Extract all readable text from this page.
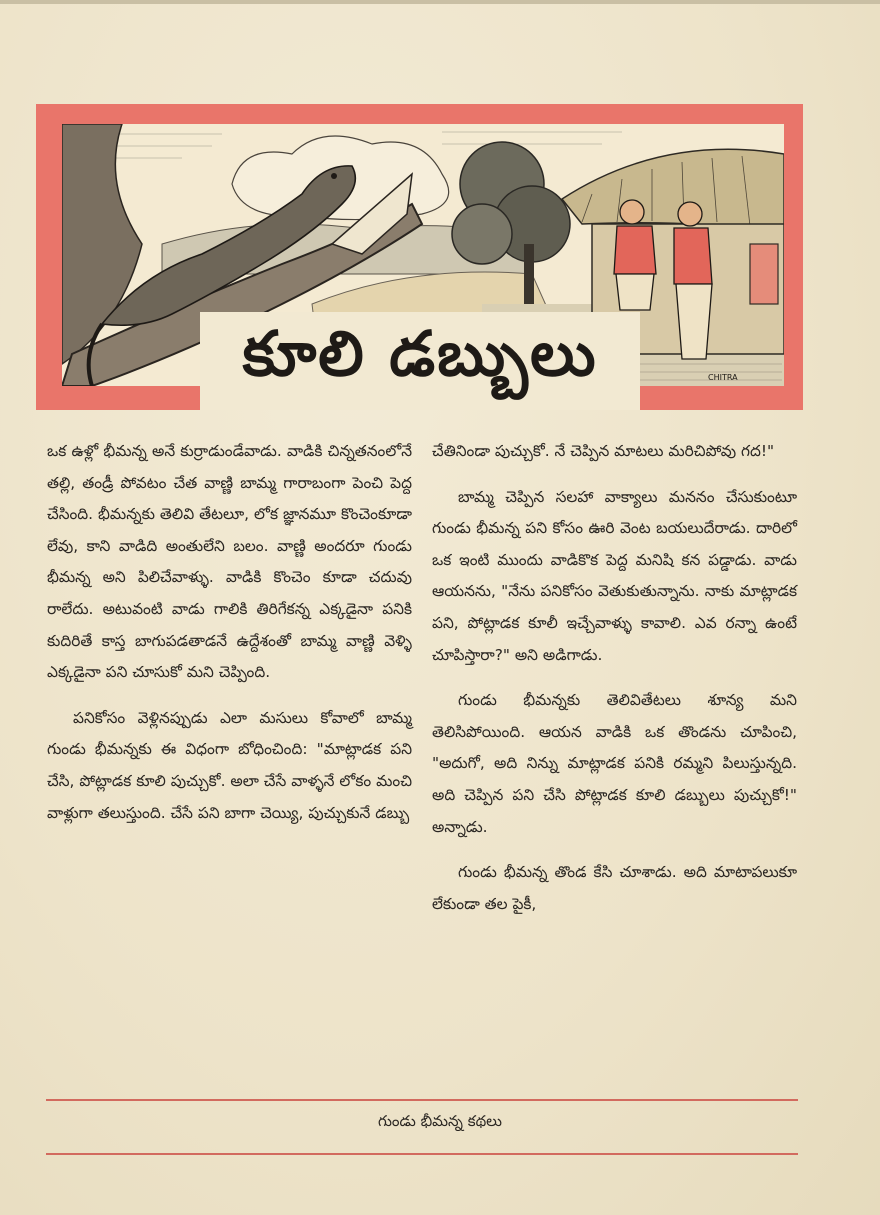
CHITRA
కూలి డబ్బులు

ఒక ఉళ్లో భీమన్న అనే కుర్రాడుండేవాడు. వాడికి చిన్నతనంలోనే తల్లి, తండ్రీ పోవటం చేత వాణ్ణి బామ్మ గారాబంగా పెంచి పెద్ద చేసింది. భీమన్నకు తెలివి తేటలూ, లోక జ్ఞానమూ కొంచెంకూడా లేవు, కాని వాడిది అంతులేని బలం. వాణ్ణి అందరూ గుండు భీమన్న అని పిలిచేవాళ్ళు. వాడికి కొంచెం కూడా చదువు రాలేదు. అటువంటి వాడు గాలికి తిరిగేకన్న ఎక్కడైనా పనికి కుదిరితే కాస్త బాగుపడతాడనే ఉద్దేశంతో బామ్మ వాణ్ణి వెళ్ళి ఎక్కడైనా పని చూసుకో మని చెప్పింది.

పనికోసం వెళ్లినప్పుడు ఎలా మసులు కోవాలో బామ్మ గుండు భీమన్నకు ఈ విధంగా బోధించింది: "మాట్లాడక పని చేసి, పోట్లాడక కూలి పుచ్చుకో. అలా చేసే వాళ్ళనే లోకం మంచి వాళ్లుగా తలుస్తుంది. చేసే పని బాగా చెయ్యి, పుచ్చుకునే డబ్బు

చేతినిండా పుచ్చుకో. నే చెప్పిన మాటలు మరిచిపోవు గద!"

బామ్మ చెప్పిన సలహా వాక్యాలు మననం చేసుకుంటూ గుండు భీమన్న పని కోసం ఊరి వెంట బయలుదేరాడు. దారిలో ఒక ఇంటి ముందు వాడికొక పెద్ద మనిషి కన పడ్డాడు. వాడు ఆయనను, "నేను పనికోసం వెతుకుతున్నాను. నాకు మాట్లాడక పని, పోట్లాడక కూలీ ఇచ్చేవాళ్ళు కావాలి. ఎవ రన్నా ఉంటే చూపిస్తారా?" అని అడిగాడు.

గుండు భీమన్నకు తెలివితేటలు శూన్య మని తెలిసిపోయింది. ఆయన వాడికి ఒక తొండను చూపించి, "అదుగో, అది నిన్ను మాట్లాడక పనికి రమ్మని పిలుస్తున్నది. అది చెప్పిన పని చేసి పోట్లాడక కూలి డబ్బులు పుచ్చుకో!" అన్నాడు.

గుండు భీమన్న తొండ కేసి చూశాడు. అది మాటాపలుకూ లేకుండా తల పైకీ,

గుండు భీమన్న కథలు
